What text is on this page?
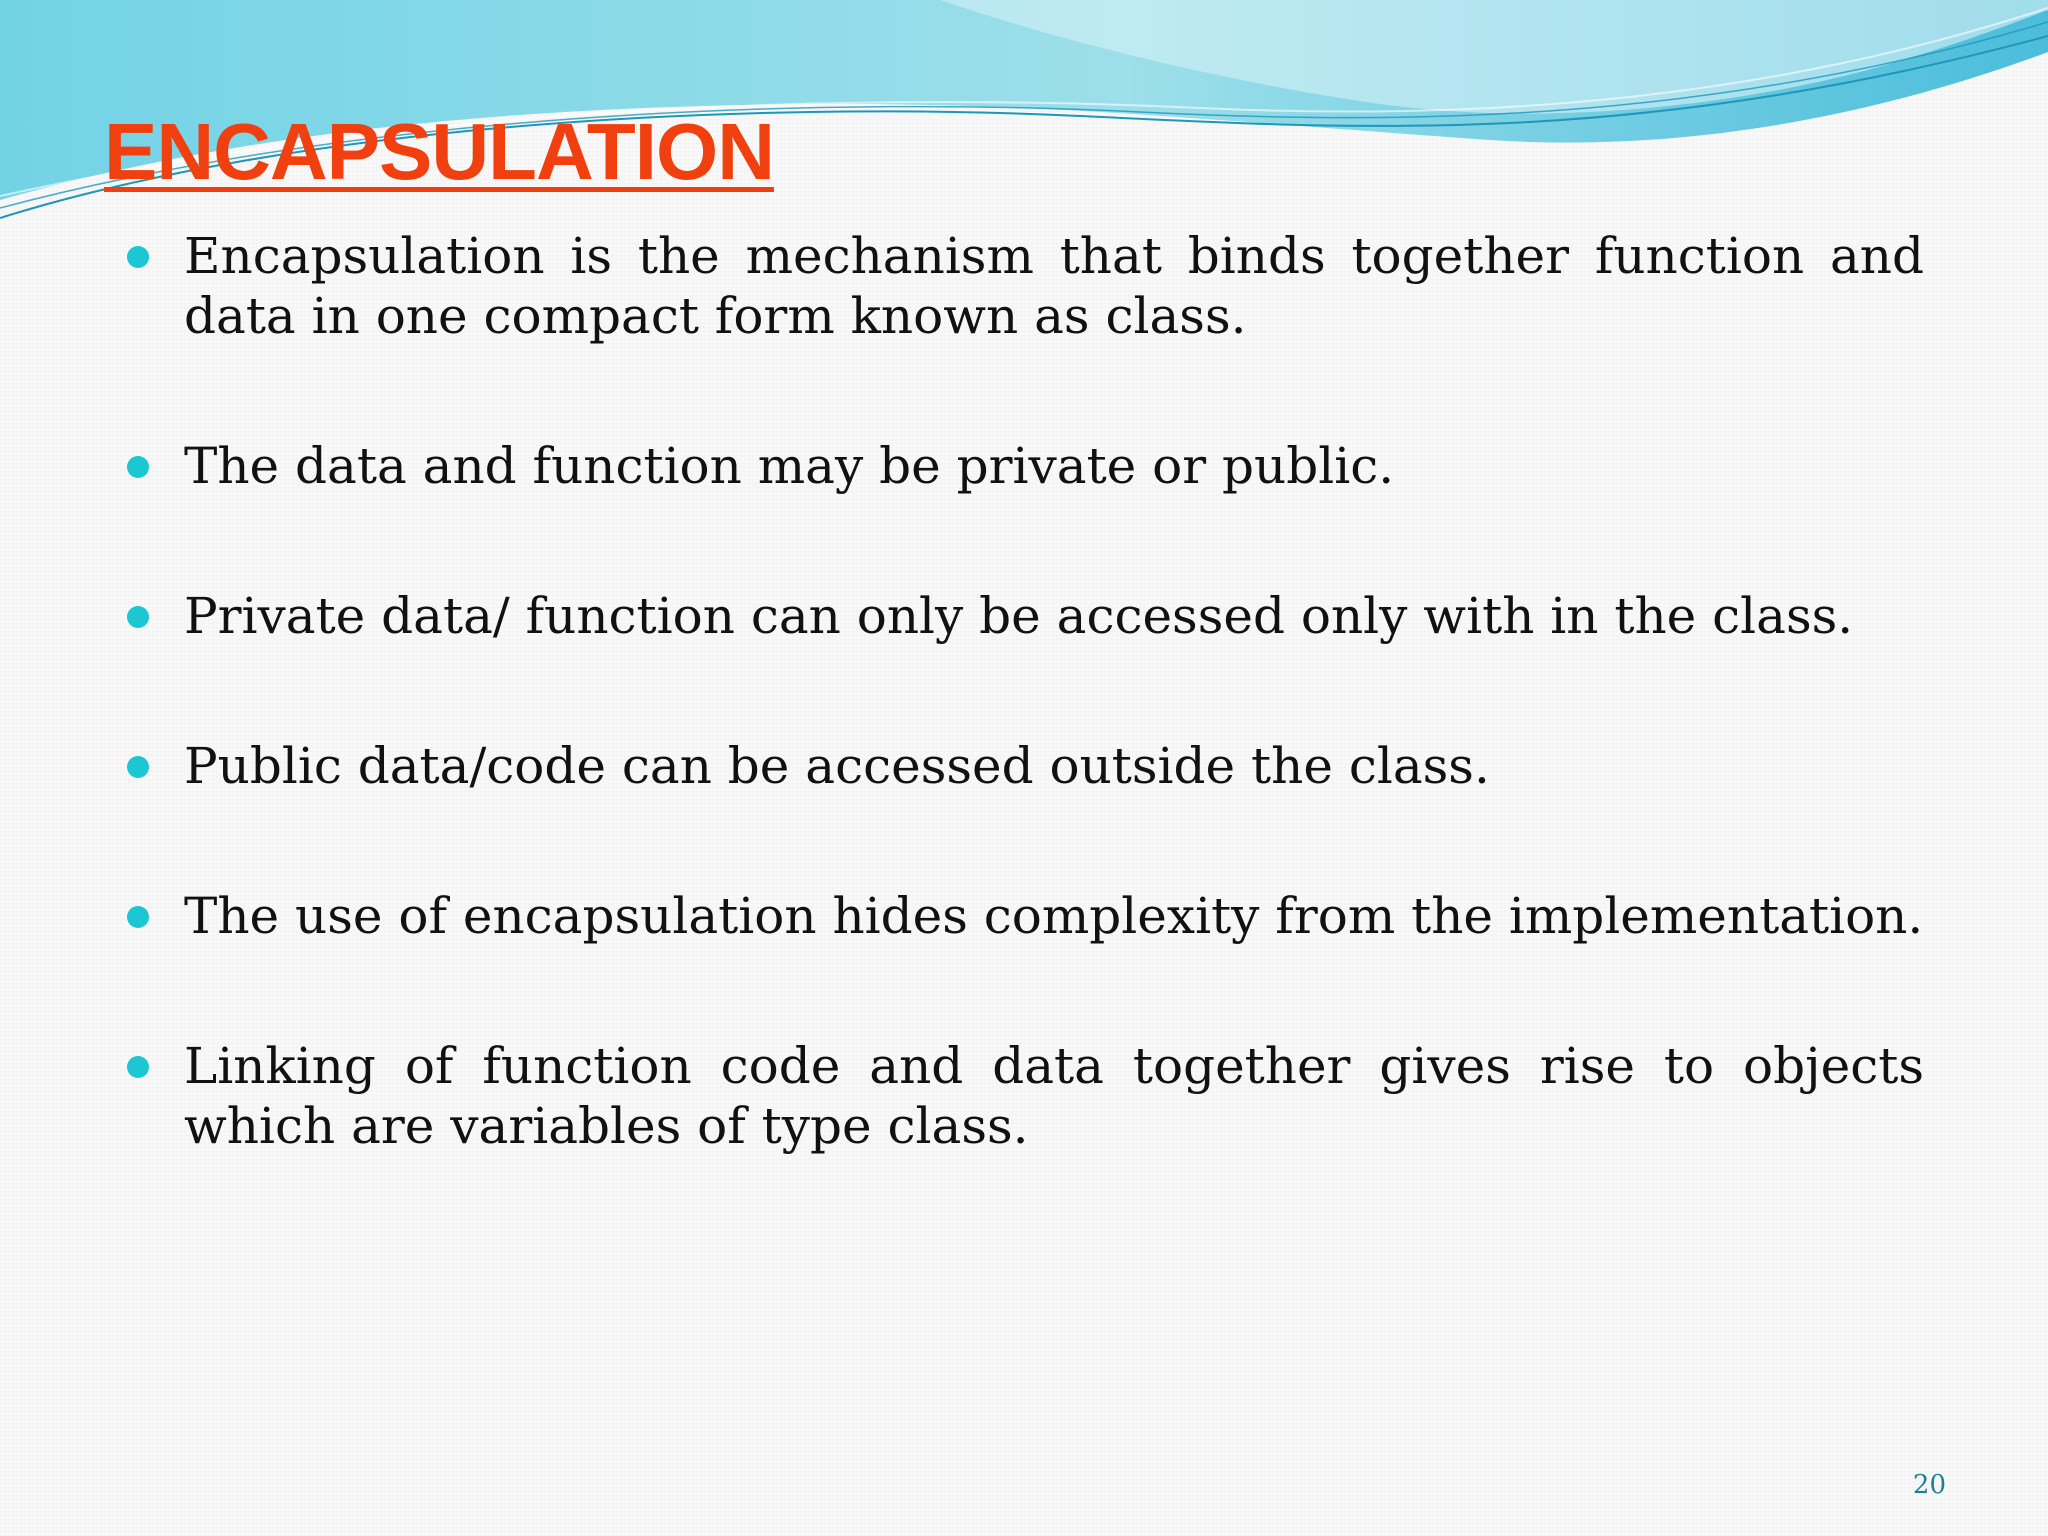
ENCAPSULATION
Encapsulation is the mechanism that binds together function and data in one compact form known as class.
The data and function may be private or public.
Private data/ function can only be accessed only with in the class.
Public data/code can be accessed outside the class.
The use of encapsulation hides complexity from the implementation.
Linking of function code and data together gives rise to objects which are variables of type class.
20
